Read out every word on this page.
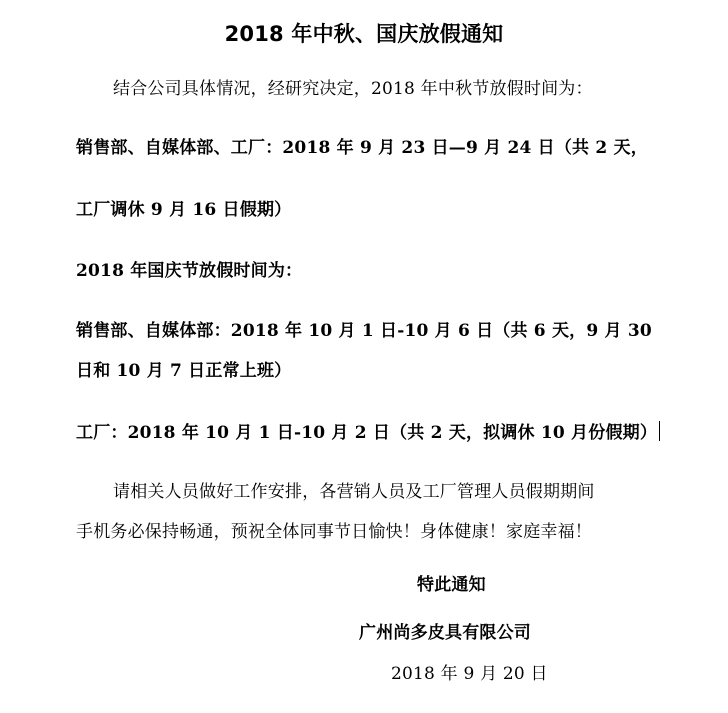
2018 年中秋、国庆放假通知
结合公司具体情况，经研究决定，2018 年中秋节放假时间为：
销售部、自媒体部、工厂：2018 年 9 月 23 日—9 月 24 日（共 2 天，
工厂调休 9 月 16 日假期）
2018 年国庆节放假时间为：
销售部、自媒体部：2018 年 10 月 1 日-10 月 6 日（共 6 天，9 月 30
日和 10 月 7 日正常上班）
工厂：2018 年 10 月 1 日-10 月 2 日（共 2 天，拟调休 10 月份假期）
请相关人员做好工作安排，各营销人员及工厂管理人员假期期间
手机务必保持畅通，预祝全体同事节日愉快！身体健康！家庭幸福！
特此通知
广州尚多皮具有限公司
2018 年 9 月 20 日
